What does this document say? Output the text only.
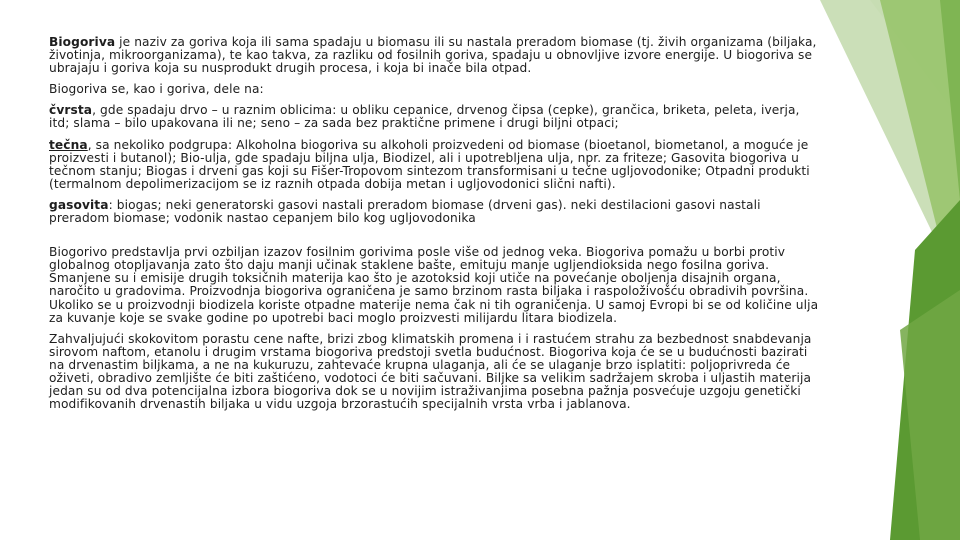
Biogoriva je naziv za goriva koja ili sama spadaju u biomasu ili su nastala preradom biomase (tj. živih organizama (biljaka, životinja, mikroorganizama), te kao takva, za razliku od fosilnih goriva, spadaju u obnovljive izvore energije. U biogoriva se ubrajaju i goriva koja su nusprodukt drugih procesa, i koja bi inače bila otpad.

Biogoriva se, kao i goriva, dele na:

čvrsta, gde spadaju drvo – u raznim oblicima: u obliku cepanice, drvenog čipsa (cepke), grančica, briketa, peleta, iverja, itd; slama – bilo upakovana ili ne; seno – za sada bez praktične primene i drugi biljni otpaci;

tečna, sa nekoliko podgrupa: Alkoholna biogoriva su alkoholi proizvedeni od biomase (bioetanol, biometanol, a moguće je proizvesti i butanol); Bio-ulja, gde spadaju biljna ulja, Biodizel, ali i upotrebljena ulja, npr. za friteze; Gasovita biogoriva u tečnom stanju; Biogas i drveni gas koji su Fišer-Tropovom sintezom transformisani u tečne ugljovodonike; Otpadni produkti (termalnom depolimerizacijom se iz raznih otpada dobija metan i ugljovodonici slični nafti).

gasovita: biogas; neki generatorski gasovi nastali preradom biomase (drveni gas). neki destilacioni gasovi nastali preradom biomase; vodonik nastao cepanjem bilo kog ugljovodonika

Biogorivo predstavlja prvi ozbiljan izazov fosilnim gorivima posle više od jednog veka. Biogoriva pomažu u borbi protiv globalnog otopljavanja zato što daju manji učinak staklene bašte, emituju manje ugljendioksida nego fosilna goriva. Smanjene su i emisije drugih toksičnih materija kao što je azotoksid koji utiče na povećanje oboljenja disajnih organa, naročito u gradovima. Proizvodnja biogoriva ograničena je samo brzinom rasta biljaka i raspoloživošću obradivih površina. Ukoliko se u proizvodnji biodizela koriste otpadne materije nema čak ni tih ograničenja. U samoj Evropi bi se od količine ulja za kuvanje koje se svake godine po upotrebi baci moglo proizvesti milijardu litara biodizela.

Zahvaljujući skokovitom porastu cene nafte, brizi zbog klimatskih promena i i rastućem strahu za bezbednost snabdevanja sirovom naftom, etanolu i drugim vrstama biogoriva predstoji svetla budućnost. Biogoriva koja će se u budućnosti bazirati na drvenastim biljkama, a ne na kukuruzu, zahtevaće krupna ulaganja, ali će se ulaganje brzo isplatiti: poljoprivreda će oživeti, obradivo zemljište će biti zaštićeno, vodotoci će biti sačuvani. Biljke sa velikim sadržajem skroba i uljastih materija jedan su od dva potencijalna izbora biogoriva dok se u novijim istraživanjima posebna pažnja posvećuje uzgoju genetički modifikovanih drvenastih biljaka u vidu uzgoja brzorastućih specijalnih vrsta vrba i jablanova.
